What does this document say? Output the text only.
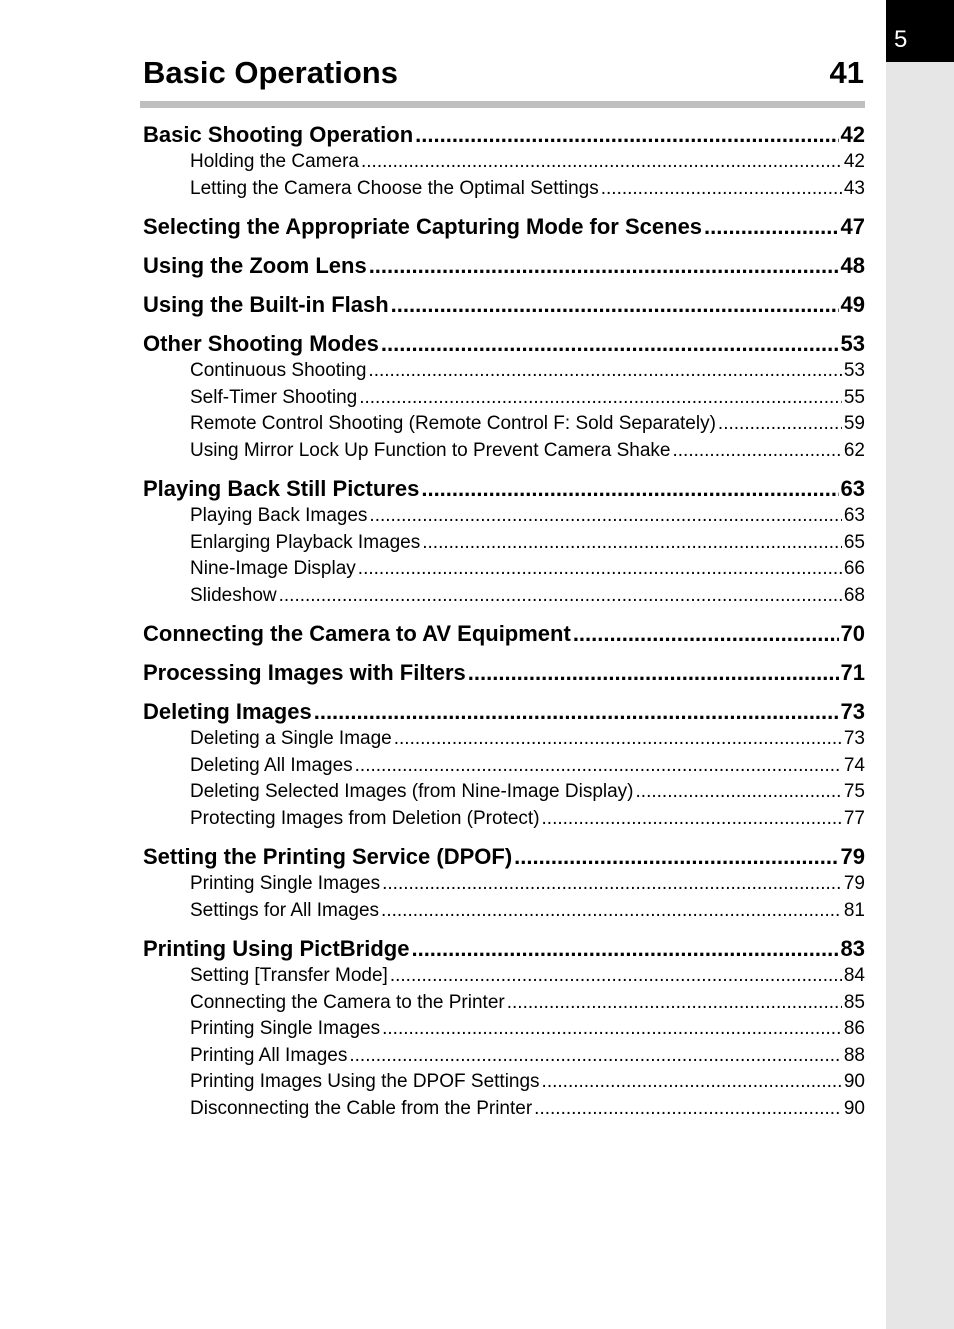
5
Basic Operations	41
Basic Shooting Operation .....	42
Holding the Camera .....	42
Letting the Camera Choose the Optimal Settings .....	43
Selecting the Appropriate Capturing Mode for Scenes .....	47
Using the Zoom Lens .....	48
Using the Built-in Flash .....	49
Other Shooting Modes .....	53
Continuous Shooting .....	53
Self-Timer Shooting .....	55
Remote Control Shooting (Remote Control F: Sold Separately) .....	59
Using Mirror Lock Up Function to Prevent Camera Shake .....	62
Playing Back Still Pictures .....	63
Playing Back Images .....	63
Enlarging Playback Images .....	65
Nine-Image Display .....	66
Slideshow .....	68
Connecting the Camera to AV Equipment .....	70
Processing Images with Filters .....	71
Deleting Images .....	73
Deleting a Single Image .....	73
Deleting All Images .....	74
Deleting Selected Images (from Nine-Image Display) .....	75
Protecting Images from Deletion (Protect) .....	77
Setting the Printing Service (DPOF) .....	79
Printing Single Images .....	79
Settings for All Images .....	81
Printing Using PictBridge .....	83
Setting [Transfer Mode] .....	84
Connecting the Camera to the Printer .....	85
Printing Single Images .....	86
Printing All Images .....	88
Printing Images Using the DPOF Settings .....	90
Disconnecting the Cable from the Printer .....	90
